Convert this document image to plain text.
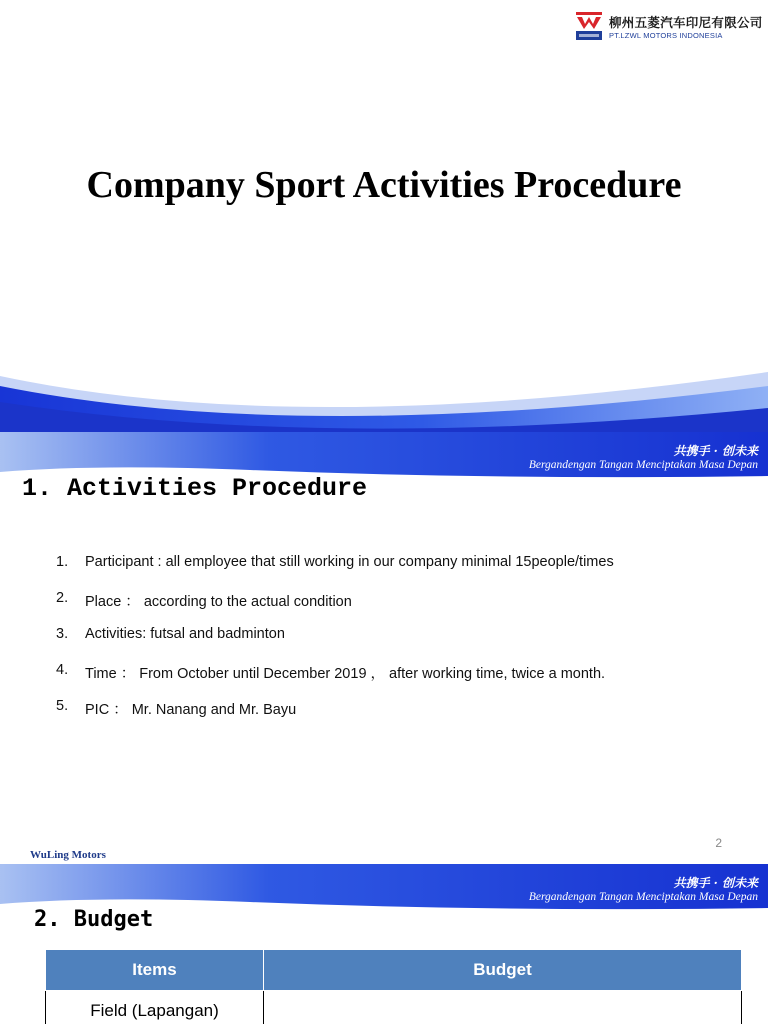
柳州五菱汽车印尼有限公司
PT.LZWL MOTORS INDONESIA
Company Sport Activities Procedure
共携手 · 创未来
Bergandengan Tangan Menciptakan Masa Depan
1. Activities Procedure
1.	Participant : all employee that still working in our company minimal 15people/times
2.	Place ： according to the actual condition
3.	Activities: futsal and badminton
4.	Time ： From October until December 2019 ， after working time, twice a month.
5.	PIC ： Mr. Nanang and Mr. Bayu
2
WuLing Motors
共携手 · 创未来
Bergandengan Tangan Menciptakan Masa Depan
2. Budget
Items	Budget
Field (Lapangan)	
